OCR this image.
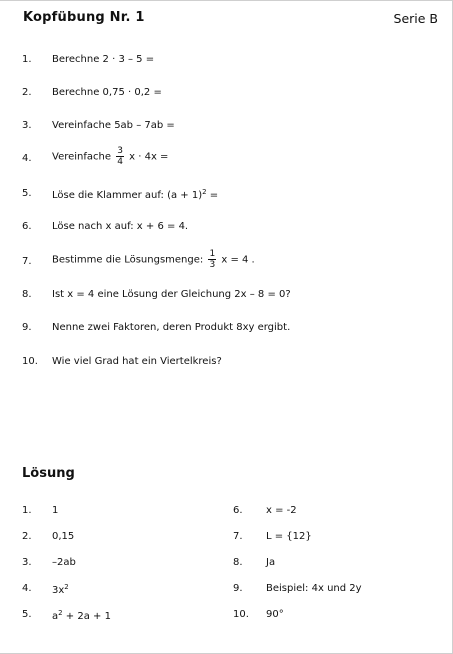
Kopfübung Nr. 1	Serie B
1. Berechne 2 · 3 – 5 =
2. Berechne 0,75 · 0,2 =
3. Vereinfache 5ab – 7ab =
4. Vereinfache $\frac{3}{4}$ x · 4x =
5. Löse die Klammer auf: $(a + 1)^2$ =
6. Löse nach x auf: x + 6 = 4.
7. Bestimme die Lösungsmenge: $\frac{1}{3}$ x = 4 .
8. Ist x = 4 eine Lösung der Gleichung 2x – 8 = 0?
9. Nenne zwei Faktoren, deren Produkt 8xy ergibt.
10. Wie viel Grad hat ein Viertelkreis?
Lösung
1. 1
2. 0,15
3. –2ab
4. $3x^2$
5. $a^2 + 2a + 1$
6. x = -2
7. L = {12}
8. Ja
9. Beispiel: 4x und 2y
10. 90°
